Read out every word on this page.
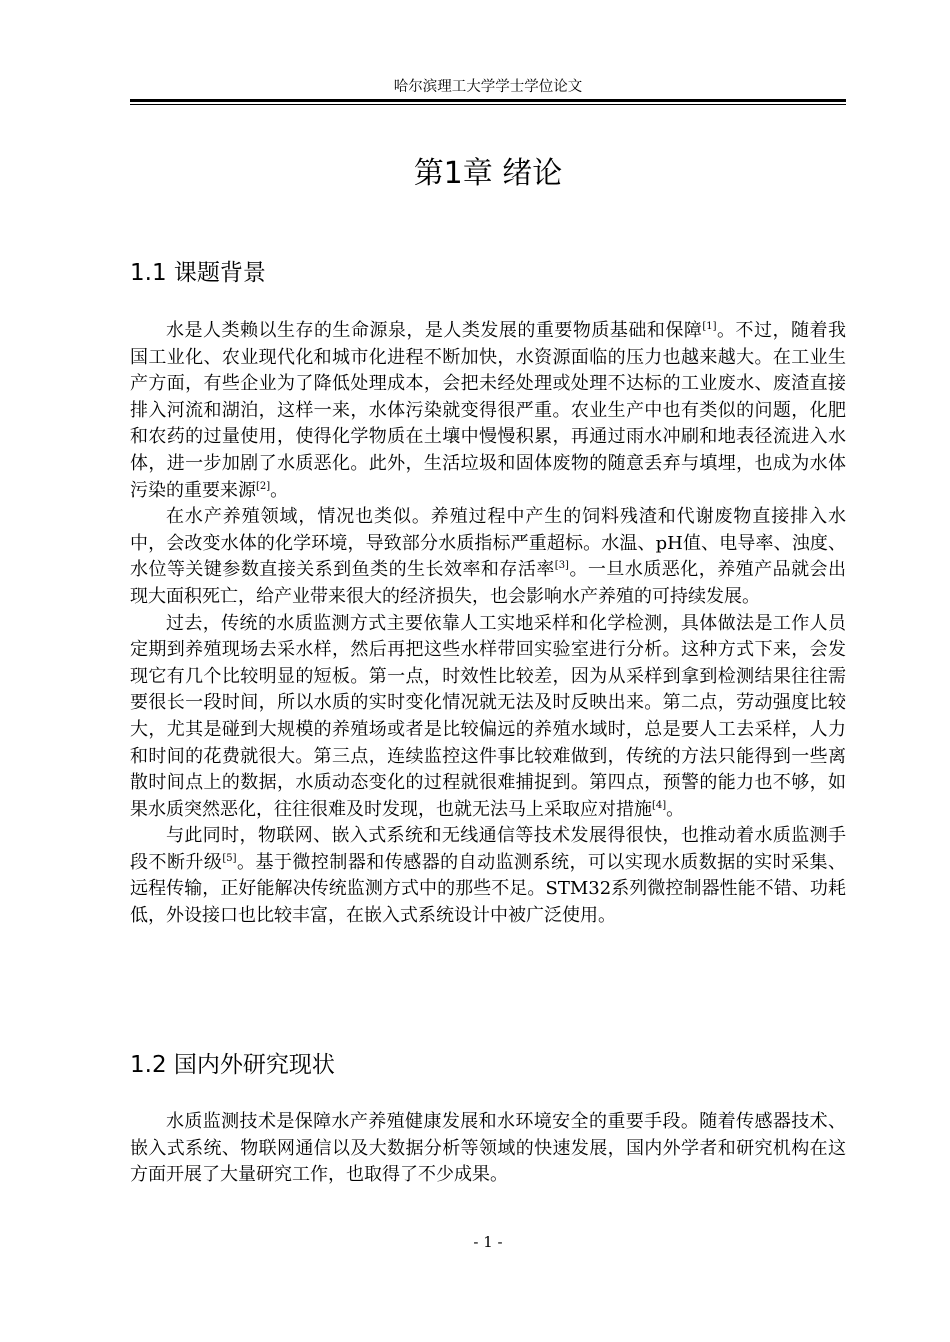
哈尔滨理工大学学士学位论文
第1章 绪论
1.1 课题背景

水是人类赖以生存的生命源泉，是人类发展的重要物质基础和保障[1]。不过，随着我国工业化、农业现代化和城市化进程不断加快，水资源面临的压力也越来越大。在工业生产方面，有些企业为了降低处理成本，会把未经处理或处理不达标的工业废水、废渣直接排入河流和湖泊，这样一来，水体污染就变得很严重。农业生产中也有类似的问题，化肥和农药的过量使用，使得化学物质在土壤中慢慢积累，再通过雨水冲刷和地表径流进入水体，进一步加剧了水质恶化。此外，生活垃圾和固体废物的随意丢弃与填埋，也成为水体污染的重要来源[2]。

在水产养殖领域，情况也类似。养殖过程中产生的饲料残渣和代谢废物直接排入水中，会改变水体的化学环境，导致部分水质指标严重超标。水温、pH值、电导率、浊度、水位等关键参数直接关系到鱼类的生长效率和存活率[3]。一旦水质恶化，养殖产品就会出现大面积死亡，给产业带来很大的经济损失，也会影响水产养殖的可持续发展。

过去，传统的水质监测方式主要依靠人工实地采样和化学检测，具体做法是工作人员定期到养殖现场去采水样，然后再把这些水样带回实验室进行分析。这种方式下来，会发现它有几个比较明显的短板。第一点，时效性比较差，因为从采样到拿到检测结果往往需要很长一段时间，所以水质的实时变化情况就无法及时反映出来。第二点，劳动强度比较大，尤其是碰到大规模的养殖场或者是比较偏远的养殖水域时，总是要人工去采样，人力和时间的花费就很大。第三点，连续监控这件事比较难做到，传统的方法只能得到一些离散时间点上的数据，水质动态变化的过程就很难捕捉到。第四点，预警的能力也不够，如果水质突然恶化，往往很难及时发现，也就无法马上采取应对措施[4]。

与此同时，物联网、嵌入式系统和无线通信等技术发展得很快，也推动着水质监测手段不断升级[5]。基于微控制器和传感器的自动监测系统，可以实现水质数据的实时采集、远程传输，正好能解决传统监测方式中的那些不足。STM32系列微控制器性能不错、功耗低，外设接口也比较丰富，在嵌入式系统设计中被广泛使用。

1.2 国内外研究现状

水质监测技术是保障水产养殖健康发展和水环境安全的重要手段。随着传感器技术、嵌入式系统、物联网通信以及大数据分析等领域的快速发展，国内外学者和研究机构在这方面开展了大量研究工作，也取得了不少成果。

- 1 -
